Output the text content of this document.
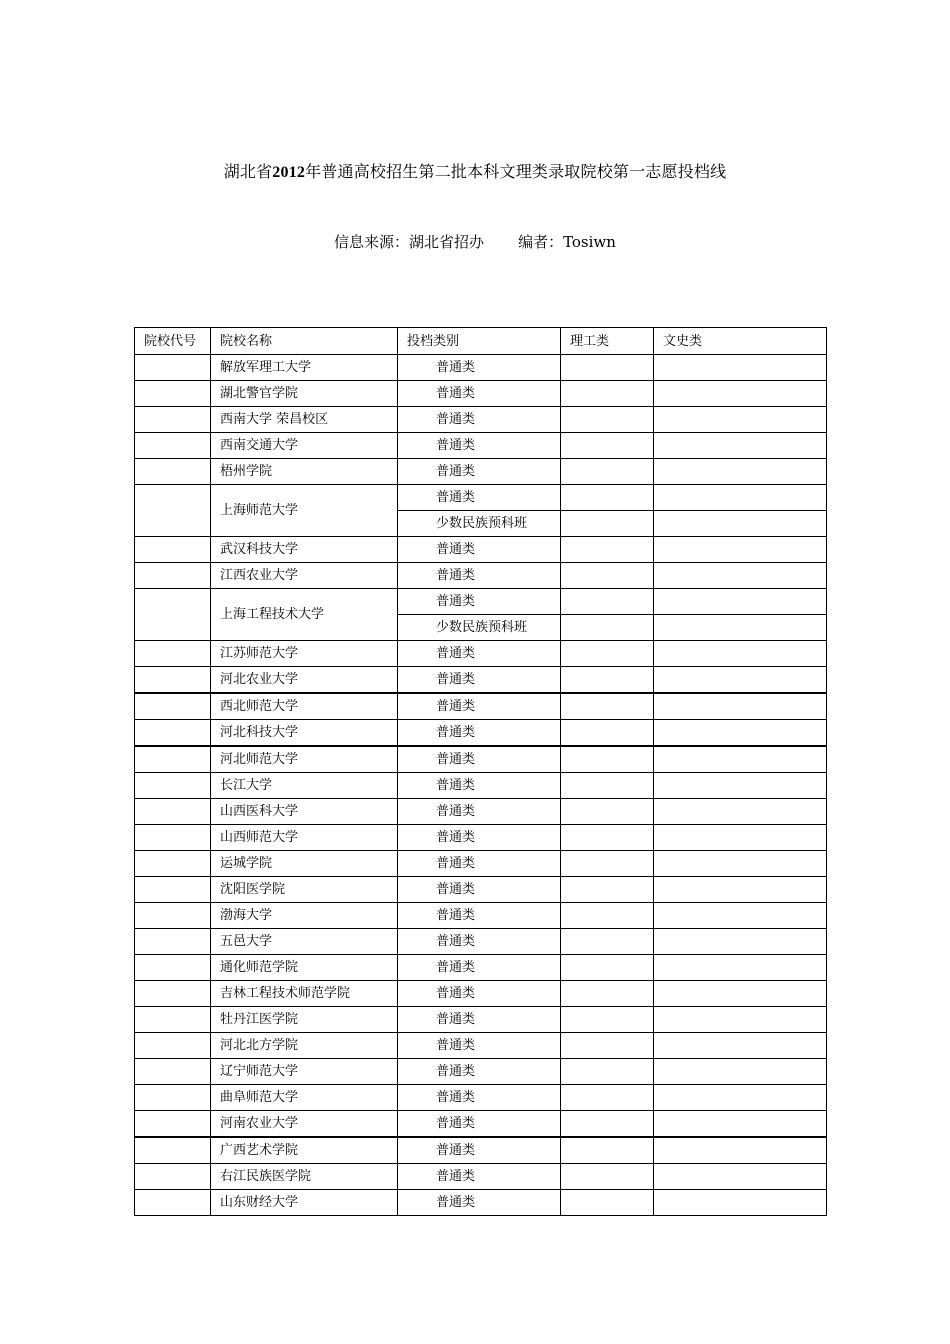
湖北省2012年普通高校招生第二批本科文理类录取院校第一志愿投档线
信息来源：湖北省招办 编者：Tosiwn
院校代号	院校名称	投档类别	理工类	文史类
	解放军理工大学	普通类		
	湖北警官学院	普通类		
	西南大学 荣昌校区	普通类		
	西南交通大学	普通类		
	梧州学院	普通类		
	上海师范大学	普通类		
		少数民族预科班		
	武汉科技大学	普通类		
	江西农业大学	普通类		
	上海工程技术大学	普通类		
		少数民族预科班		
	江苏师范大学	普通类		
	河北农业大学	普通类		
	西北师范大学	普通类		
	河北科技大学	普通类		
	河北师范大学	普通类		
	长江大学	普通类		
	山西医科大学	普通类		
	山西师范大学	普通类		
	运城学院	普通类		
	沈阳医学院	普通类		
	渤海大学	普通类		
	五邑大学	普通类		
	通化师范学院	普通类		
	吉林工程技术师范学院	普通类		
	牡丹江医学院	普通类		
	河北北方学院	普通类		
	辽宁师范大学	普通类		
	曲阜师范大学	普通类		
	河南农业大学	普通类		
	广西艺术学院	普通类		
	右江民族医学院	普通类		
	山东财经大学	普通类		
